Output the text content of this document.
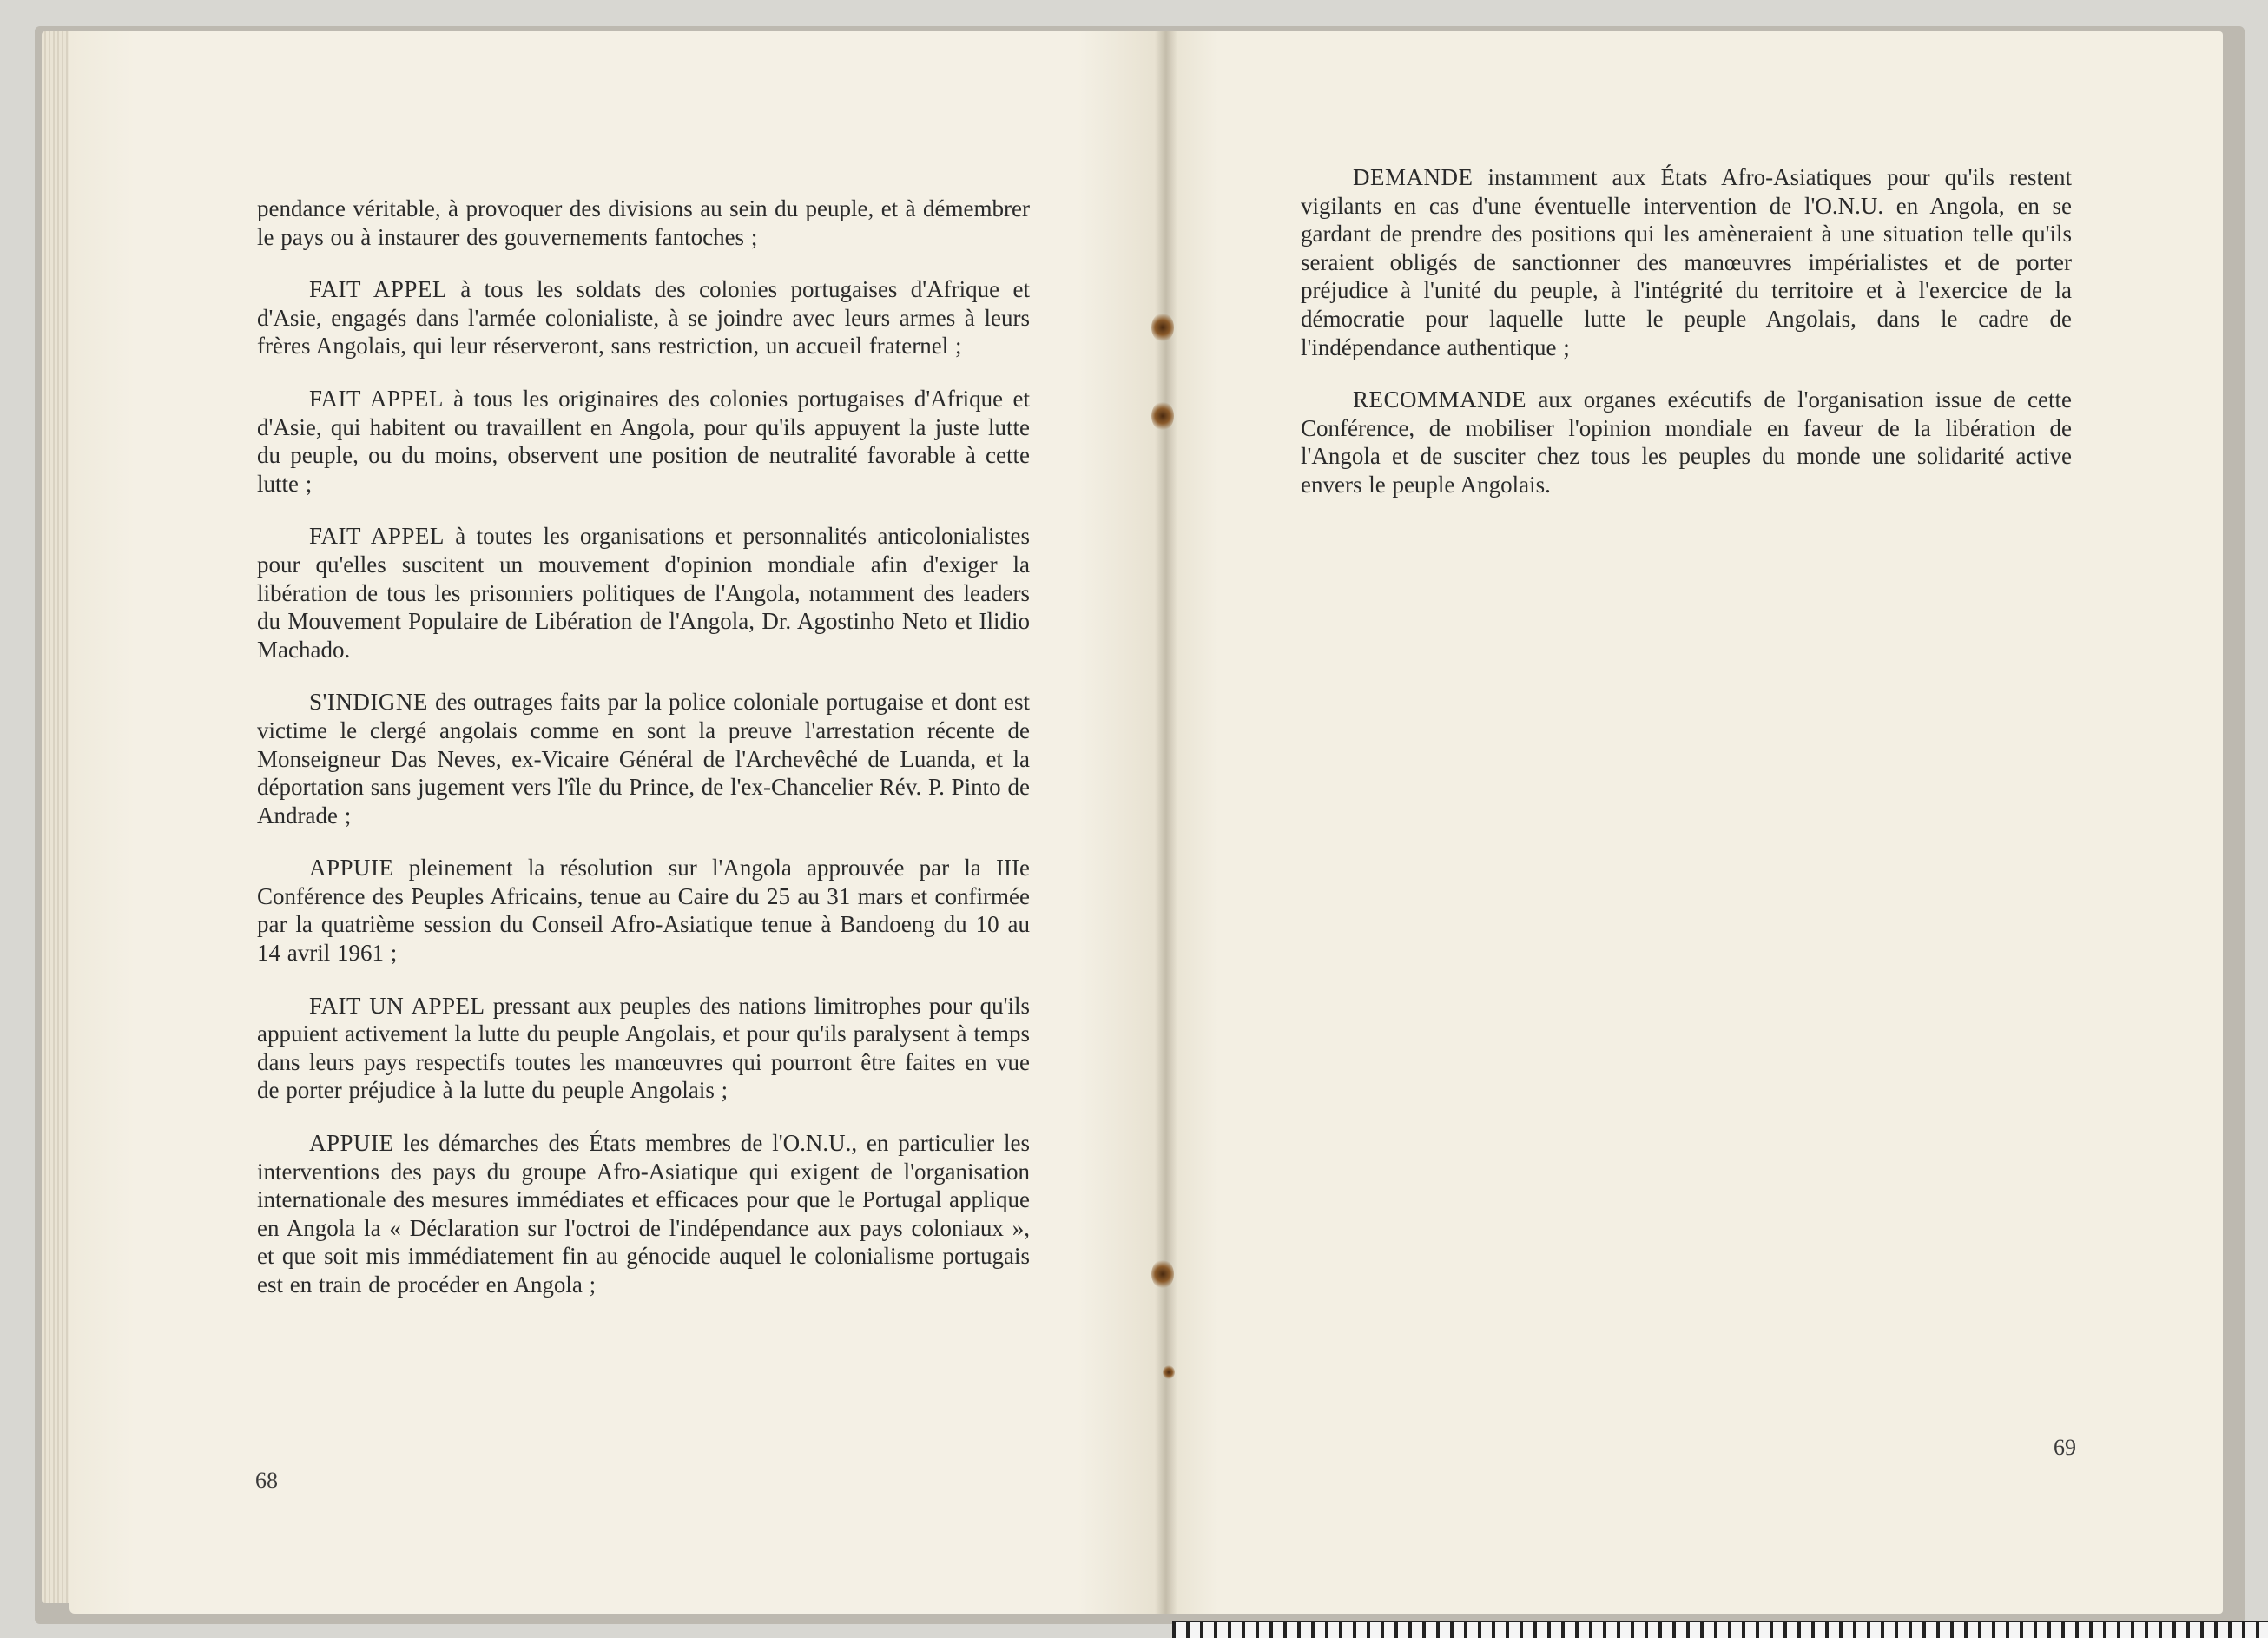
pendance véritable, à provoquer des divisions au sein du peuple, et à démembrer le pays ou à instaurer des gouvernements fantoches ;

FAIT APPEL à tous les soldats des colonies portugaises d'Afrique et d'Asie, engagés dans l'armée colonialiste, à se joindre avec leurs armes à leurs frères Angolais, qui leur réserveront, sans restriction, un accueil fraternel ;

FAIT APPEL à tous les originaires des colonies portugaises d'Afrique et d'Asie, qui habitent ou travaillent en Angola, pour qu'ils appuyent la juste lutte du peuple, ou du moins, observent une position de neutralité favorable à cette lutte ;

FAIT APPEL à toutes les organisations et personnalités anticolonialistes pour qu'elles suscitent un mouvement d'opinion mondiale afin d'exiger la libération de tous les prisonniers politiques de l'Angola, notamment des leaders du Mouvement Populaire de Libération de l'Angola, Dr. Agostinho Neto et Ilidio Machado.

S'INDIGNE des outrages faits par la police coloniale portugaise et dont est victime le clergé angolais comme en sont la preuve l'arrestation récente de Monseigneur Das Neves, ex-Vicaire Général de l'Archevêché de Luanda, et la déportation sans jugement vers l'île du Prince, de l'ex-Chancelier Rév. P. Pinto de Andrade ;

APPUIE pleinement la résolution sur l'Angola approuvée par la IIIe Conférence des Peuples Africains, tenue au Caire du 25 au 31 mars et confirmée par la quatrième session du Conseil Afro-Asiatique tenue à Bandoeng du 10 au 14 avril 1961 ;

FAIT UN APPEL pressant aux peuples des nations limitrophes pour qu'ils appuient activement la lutte du peuple Angolais, et pour qu'ils paralysent à temps dans leurs pays respectifs toutes les manœuvres qui pourront être faites en vue de porter préjudice à la lutte du peuple Angolais ;

APPUIE les démarches des États membres de l'O.N.U., en particulier les interventions des pays du groupe Afro-Asiatique qui exigent de l'organisation internationale des mesures immédiates et efficaces pour que le Portugal applique en Angola la « Déclaration sur l'octroi de l'indépendance aux pays coloniaux », et que soit mis immédiatement fin au génocide auquel le colonialisme portugais est en train de procéder en Angola ;

68

DEMANDE instamment aux États Afro-Asiatiques pour qu'ils restent vigilants en cas d'une éventuelle intervention de l'O.N.U. en Angola, en se gardant de prendre des positions qui les amèneraient à une situation telle qu'ils seraient obligés de sanctionner des manœuvres impérialistes et de porter préjudice à l'unité du peuple, à l'intégrité du territoire et à l'exercice de la démocratie pour laquelle lutte le peuple Angolais, dans le cadre de l'indépendance authentique ;

RECOMMANDE aux organes exécutifs de l'organisation issue de cette Conférence, de mobiliser l'opinion mondiale en faveur de la libération de l'Angola et de susciter chez tous les peuples du monde une solidarité active envers le peuple Angolais.

69
